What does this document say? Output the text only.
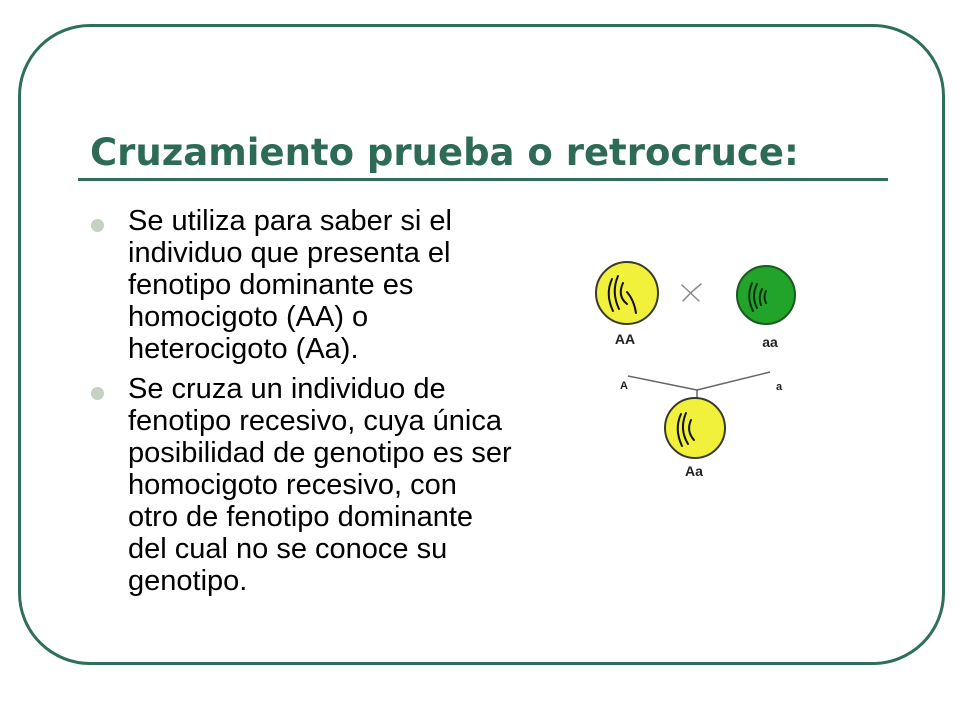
Cruzamiento prueba o retrocruce:
Se utiliza para saber si el
individuo que presenta el
fenotipo dominante es
homocigoto (AA) o
heterocigoto (Aa).
Se cruza un individuo de
fenotipo recesivo, cuya única
posibilidad de genotipo es ser
homocigoto recesivo, con
otro de fenotipo dominante
del cual no se conoce su
genotipo.
AA	aa
A	a
Aa
